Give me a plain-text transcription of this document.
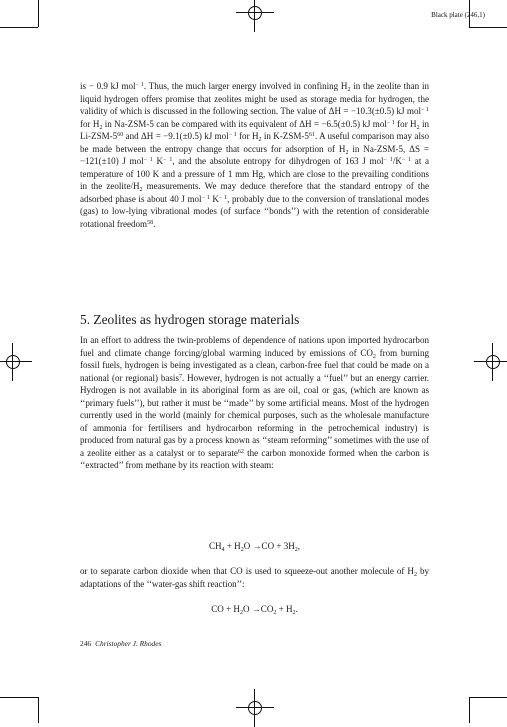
Black plate (246,1)

is − 0.9 kJ mol$^{- 1}$. Thus, the much larger energy involved in confining $H_2$ in the zeolite than in liquid hydrogen offers promise that zeolites might be used as storage media for hydrogen, the validity of which is discussed in the following section. The value of ΔH = −10.3(±0.5) kJ mol$^{- 1}$ for $H_2$ in Na-ZSM-5 can be compared with its equivalent of ΔH = −6.5(±0.5) kJ mol$^{- 1}$ for $H_2$ in $Li-ZSM-5^{60}$ and ΔH = −9.1(±0.5) kJ mol$^{- 1}$ for $H_2$ in $K-ZSM-5^{61}$. A useful comparison may also be made between the entropy change that occurs for adsorption of $H_2$ in Na-ZSM-5, ΔS = −121(±10) J mol$^{- 1}$ $K^{- 1}$, and the absolute entropy for dihydrogen of 163 J $mol^{- 1}/K^{- 1}$ at a temperature of 100 K and a pressure of 1 mm Hg, which are close to the prevailing conditions in the zeolite/$H_2$ measurements. We may deduce therefore that the standard entropy of the adsorbed phase is about 40 J mol$^{- 1}$ $K^{- 1}$, probably due to the conversion of translational modes (gas) to low-lying vibrational modes (of surface ‘‘bonds’’) with the retention of considerable rotational freedom$^{58}$.

5. Zeolites as hydrogen storage materials

In an effort to address the twin-problems of dependence of nations upon imported hydrocarbon fuel and climate change forcing/global warming induced by emissions of $CO_2$ from burning fossil fuels, hydrogen is being investigated as a clean, carbon-free fuel that could be made on a national (or regional) basis$^7$. However, hydrogen is not actually a ‘‘fuel’’ but an energy carrier. Hydrogen is not available in its aboriginal form as are oil, coal or gas, (which are known as ‘‘primary fuels’’), but rather it must be ‘‘made’’ by some artificial means. Most of the hydrogen currently used in the world (mainly for chemical purposes, such as the wholesale manufacture of ammonia for fertilisers and hydrocarbon reforming in the petrochemical industry) is produced from natural gas by a process known as ‘‘steam reforming’’ sometimes with the use of a zeolite either as a catalyst or to separate$^{62}$ the carbon monoxide formed when the carbon is ‘‘extracted’’ from methane by its reaction with steam:

$CH_4 + H_2O \to CO + 3H_2$,

or to separate carbon dioxide when that CO is used to squeeze-out another molecule of $H_2$ by adaptations of the ‘‘water-gas shift reaction’’:

CO + $H_2O \to CO_2 + H_2$.
246 Christopher J. Rhodes
